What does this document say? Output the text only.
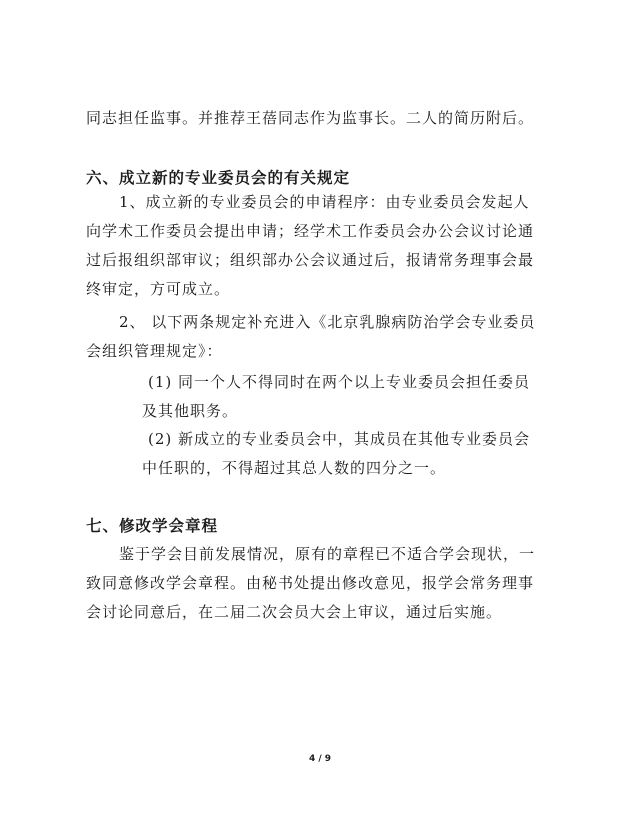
同志担任监事。并推荐王蓓同志作为监事长。二人的简历附后。
六、成立新的专业委员会的有关规定
1、成立新的专业委员会的申请程序：由专业委员会发起人
向学术工作委员会提出申请；经学术工作委员会办公会议讨论通
过后报组织部审议；组织部办公会议通过后，报请常务理事会最
终审定，方可成立。
2、 以下两条规定补充进入《北京乳腺病防治学会专业委员
会组织管理规定》：
(1) 同一个人不得同时在两个以上专业委员会担任委员
及其他职务。
(2) 新成立的专业委员会中，其成员在其他专业委员会
中任职的，不得超过其总人数的四分之一。
七、修改学会章程
鉴于学会目前发展情况，原有的章程已不适合学会现状，一
致同意修改学会章程。由秘书处提出修改意见，报学会常务理事
会讨论同意后，在二届二次会员大会上审议，通过后实施。
4 / 9
